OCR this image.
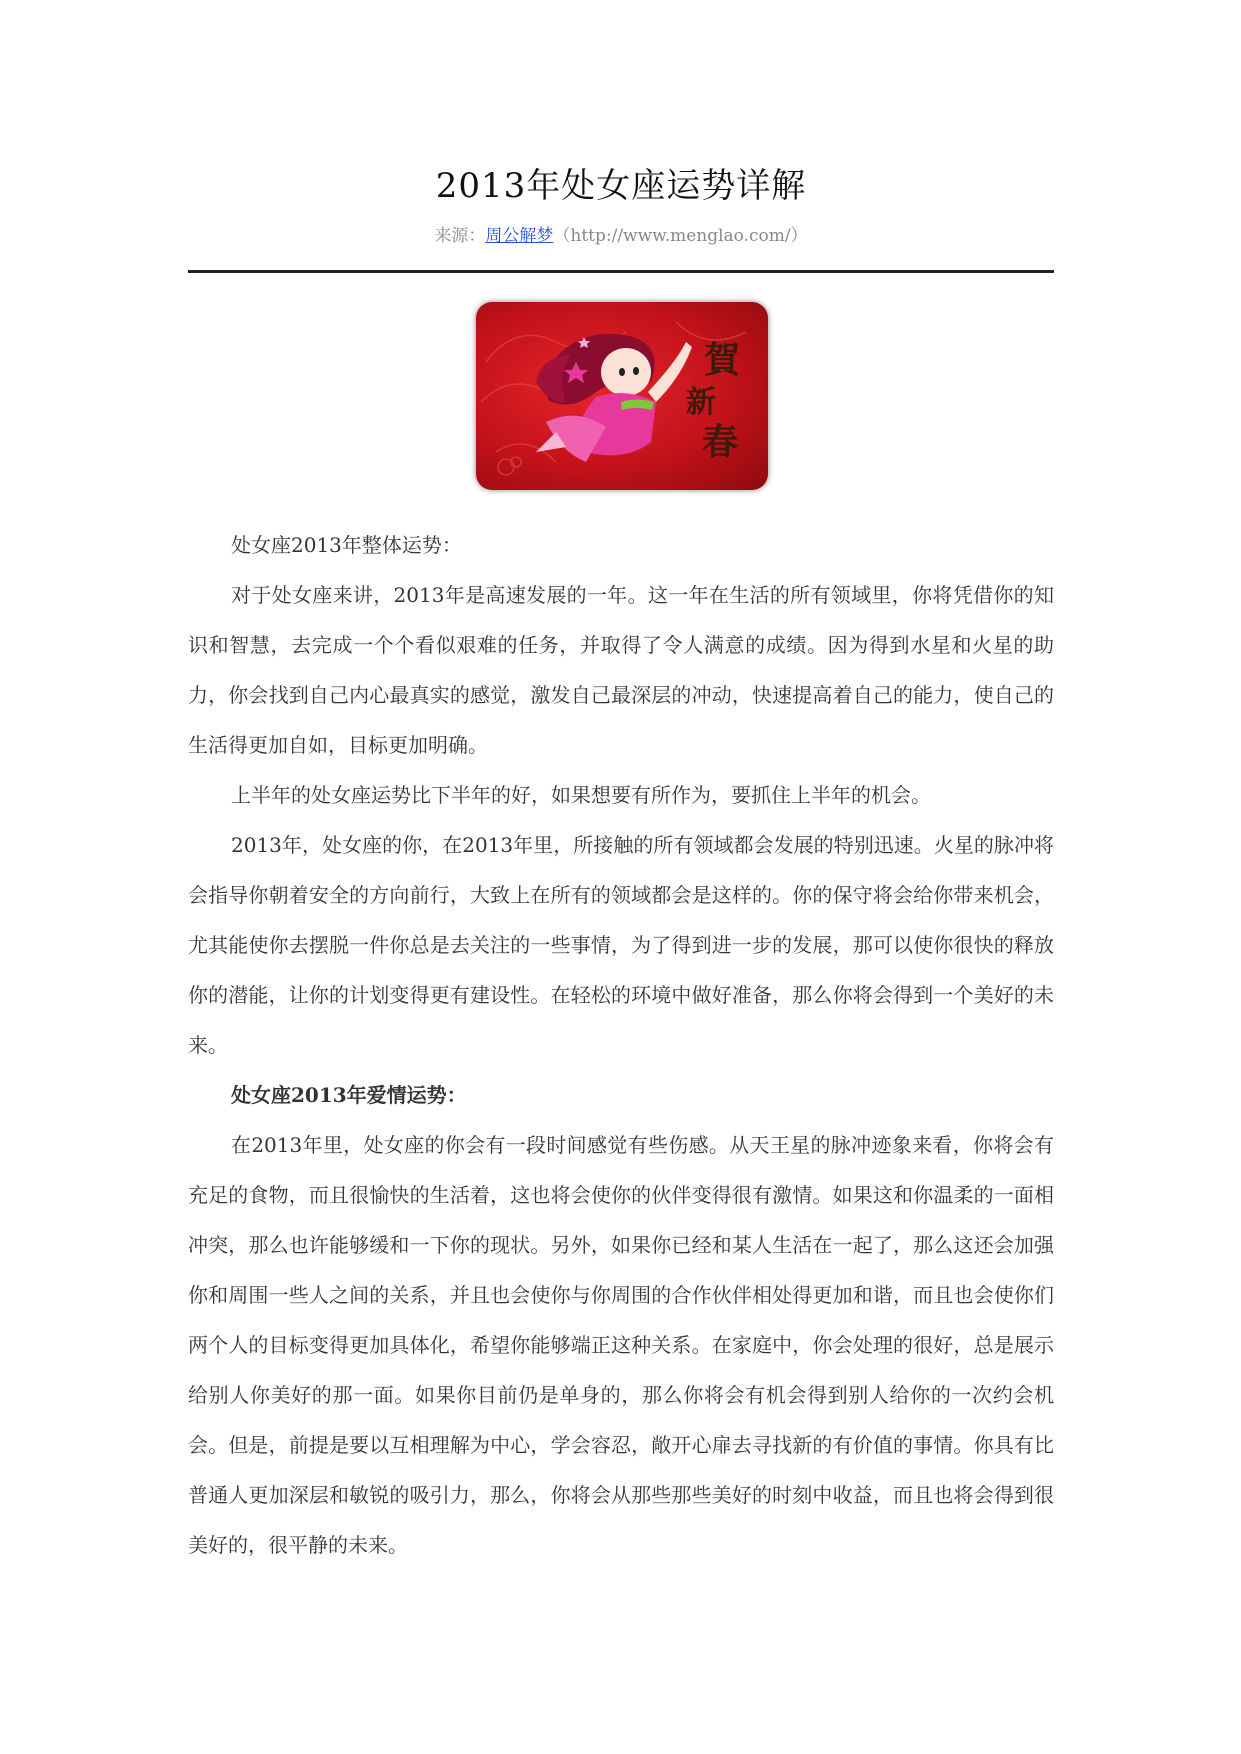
2013年处女座运势详解
来源：周公解梦（http://www.menglao.com/）
賀
新
春

处女座2013年整体运势：

对于处女座来讲，2013年是高速发展的一年。这一年在生活的所有领域里，你将凭借你的知识和智慧，去完成一个个看似艰难的任务，并取得了令人满意的成绩。因为得到水星和火星的助力，你会找到自己内心最真实的感觉，激发自己最深层的冲动，快速提高着自己的能力，使自己的生活得更加自如，目标更加明确。

上半年的处女座运势比下半年的好，如果想要有所作为，要抓住上半年的机会。

2013年，处女座的你，在2013年里，所接触的所有领域都会发展的特别迅速。火星的脉冲将会指导你朝着安全的方向前行，大致上在所有的领域都会是这样的。你的保守将会给你带来机会，尤其能使你去摆脱一件你总是去关注的一些事情，为了得到进一步的发展，那可以使你很快的释放你的潜能，让你的计划变得更有建设性。在轻松的环境中做好准备，那么你将会得到一个美好的未来。

处女座2013年爱情运势：

在2013年里，处女座的你会有一段时间感觉有些伤感。从天王星的脉冲迹象来看，你将会有充足的食物，而且很愉快的生活着，这也将会使你的伙伴变得很有激情。如果这和你温柔的一面相冲突，那么也许能够缓和一下你的现状。另外，如果你已经和某人生活在一起了，那么这还会加强你和周围一些人之间的关系，并且也会使你与你周围的合作伙伴相处得更加和谐，而且也会使你们两个人的目标变得更加具体化，希望你能够端正这种关系。在家庭中，你会处理的很好，总是展示给别人你美好的那一面。如果你目前仍是单身的，那么你将会有机会得到别人给你的一次约会机会。但是，前提是要以互相理解为中心，学会容忍，敞开心扉去寻找新的有价值的事情。你具有比普通人更加深层和敏锐的吸引力，那么，你将会从那些那些美好的时刻中收益，而且也将会得到很美好的，很平静的未来。
